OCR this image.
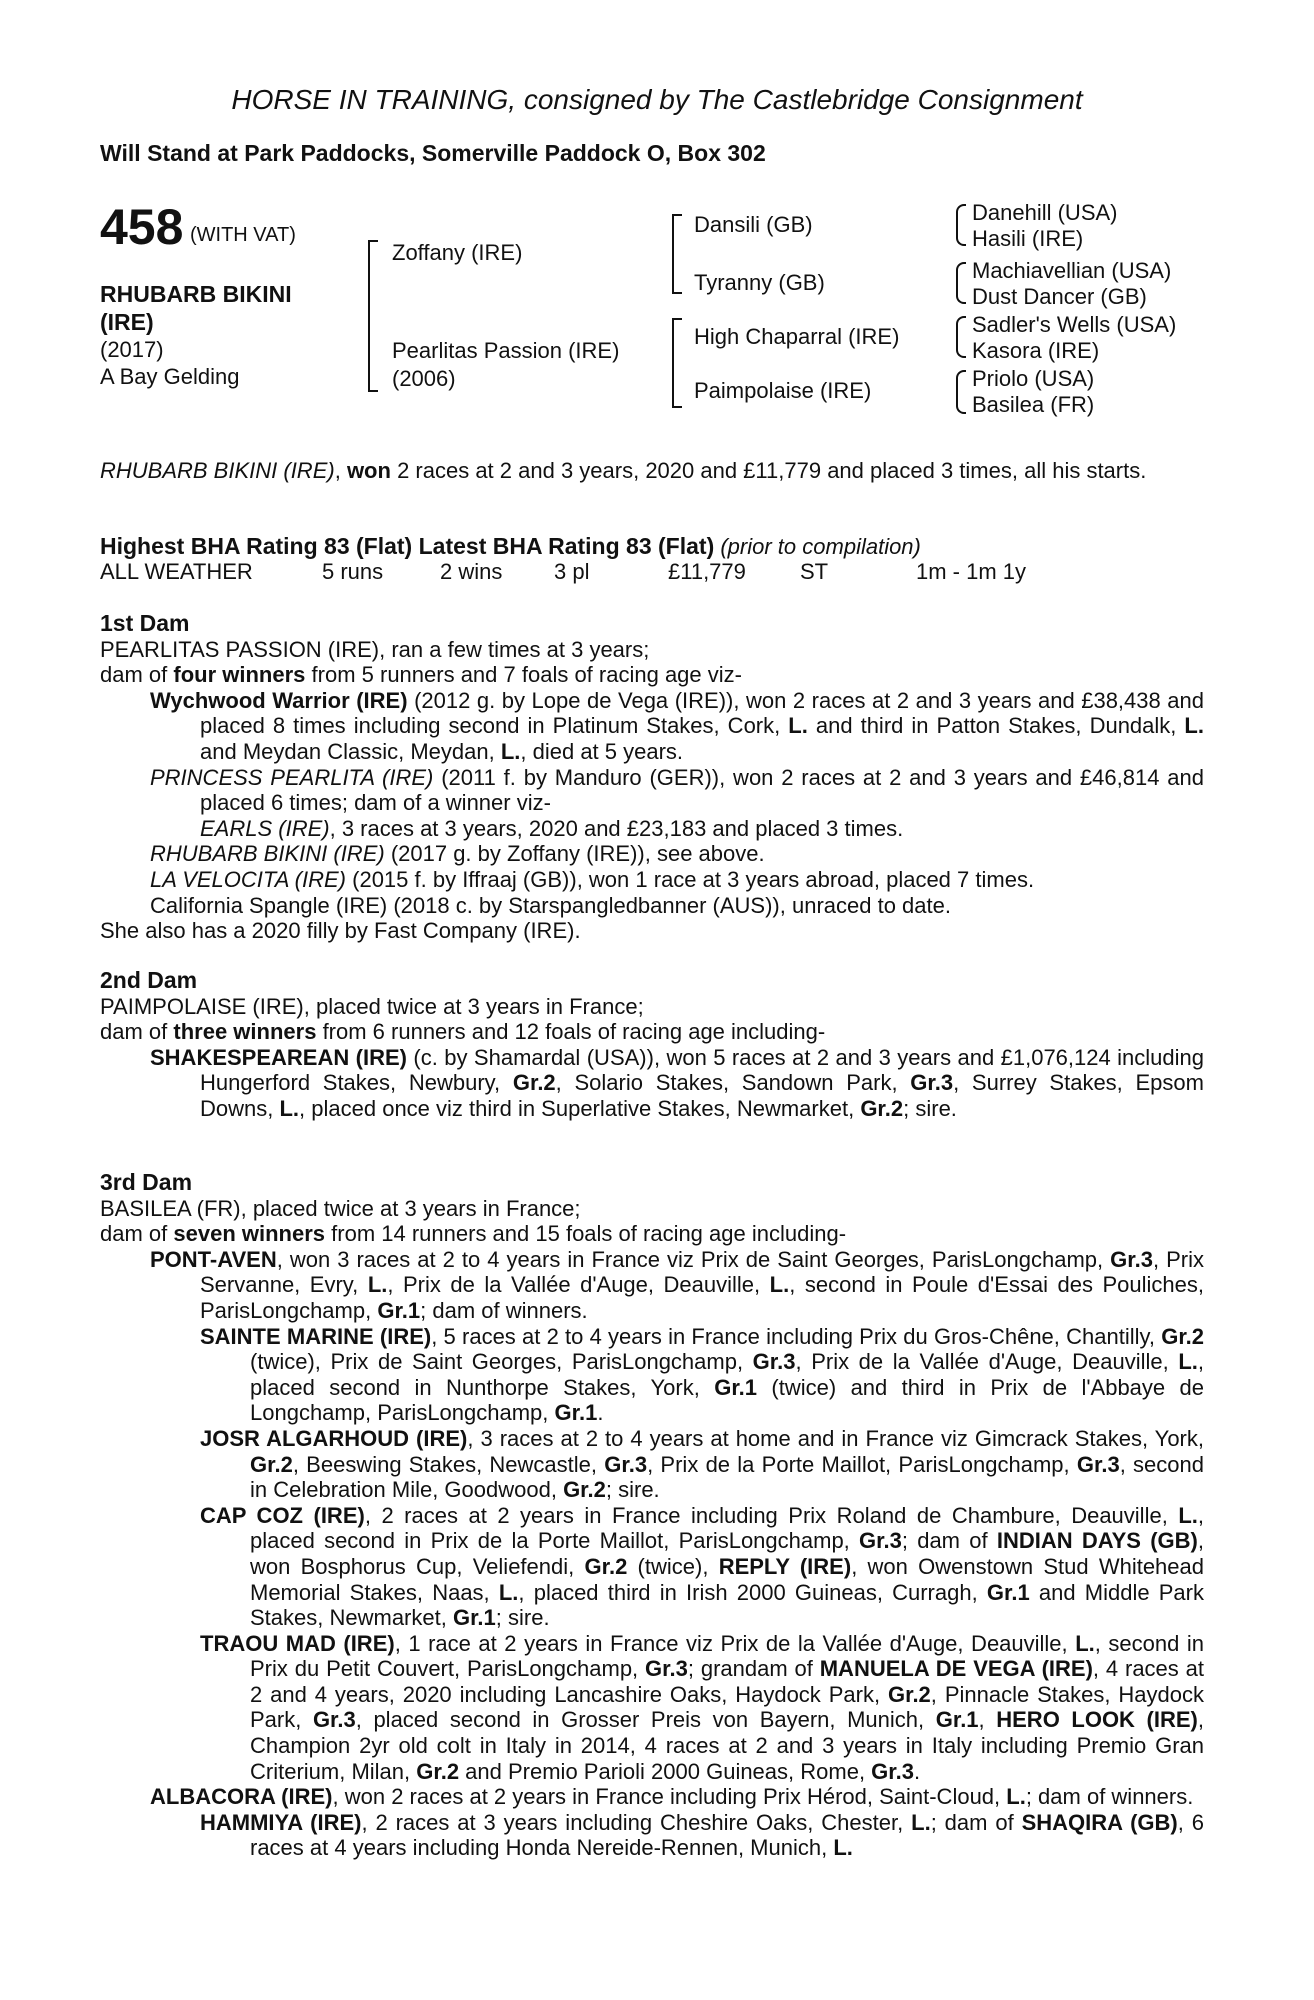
HORSE IN TRAINING, consigned by The Castlebridge Consignment
Will Stand at Park Paddocks, Somerville Paddock O, Box 302
458 (WITH VAT)
RHUBARB BIKINI
(IRE)
(2017)
A Bay Gelding
Zoffany (IRE)
Pearlitas Passion (IRE)
(2006)
Dansili (GB)
Tyranny (GB)
High Chaparral (IRE)
Paimpolaise (IRE)
Danehill (USA)
Hasili (IRE)
Machiavellian (USA)
Dust Dancer (GB)
Sadler's Wells (USA)
Kasora (IRE)
Priolo (USA)
Basilea (FR)

RHUBARB BIKINI (IRE), won 2 races at 2 and 3 years, 2020 and £11,779 and placed 3 times, all his starts.

Highest BHA Rating 83 (Flat) Latest BHA Rating 83 (Flat) (prior to compilation)

ALL WEATHER	5 runs	2 wins 3 pl	£11,779 ST	1m - 1m 1y

1st Dam

PEARLITAS PASSION (IRE), ran a few times at 3 years;

dam of four winners from 5 runners and 7 foals of racing age viz-

Wychwood Warrior (IRE) (2012 g. by Lope de Vega (IRE)), won 2 races at 2 and 3 years and £38,438 and placed 8 times including second in Platinum Stakes, Cork, L. and third in Patton Stakes, Dundalk, L. and Meydan Classic, Meydan, L., died at 5 years.

PRINCESS PEARLITA (IRE) (2011 f. by Manduro (GER)), won 2 races at 2 and 3 years and £46,814 and placed 6 times; dam of a winner viz-

EARLS (IRE), 3 races at 3 years, 2020 and £23,183 and placed 3 times.

RHUBARB BIKINI (IRE) (2017 g. by Zoffany (IRE)), see above.

LA VELOCITA (IRE) (2015 f. by Iffraaj (GB)), won 1 race at 3 years abroad, placed 7 times.

California Spangle (IRE) (2018 c. by Starspangledbanner (AUS)), unraced to date.

She also has a 2020 filly by Fast Company (IRE).

2nd Dam

PAIMPOLAISE (IRE), placed twice at 3 years in France;

dam of three winners from 6 runners and 12 foals of racing age including-

SHAKESPEAREAN (IRE) (c. by Shamardal (USA)), won 5 races at 2 and 3 years and £1,076,124 including Hungerford Stakes, Newbury, Gr.2, Solario Stakes, Sandown Park, Gr.3, Surrey Stakes, Epsom Downs, L., placed once viz third in Superlative Stakes, Newmarket, Gr.2; sire.

3rd Dam

BASILEA (FR), placed twice at 3 years in France;

dam of seven winners from 14 runners and 15 foals of racing age including-

PONT-AVEN, won 3 races at 2 to 4 years in France viz Prix de Saint Georges, ParisLongchamp, Gr.3, Prix Servanne, Evry, L., Prix de la Vallée d'Auge, Deauville, L., second in Poule d'Essai des Pouliches, ParisLongchamp, Gr.1; dam of winners.

SAINTE MARINE (IRE), 5 races at 2 to 4 years in France including Prix du Gros-Chêne, Chantilly, Gr.2 (twice), Prix de Saint Georges, ParisLongchamp, Gr.3, Prix de la Vallée d'Auge, Deauville, L., placed second in Nunthorpe Stakes, York, Gr.1 (twice) and third in Prix de l'Abbaye de Longchamp, ParisLongchamp, Gr.1.

JOSR ALGARHOUD (IRE), 3 races at 2 to 4 years at home and in France viz Gimcrack Stakes, York, Gr.2, Beeswing Stakes, Newcastle, Gr.3, Prix de la Porte Maillot, ParisLongchamp, Gr.3, second in Celebration Mile, Goodwood, Gr.2; sire.

CAP COZ (IRE), 2 races at 2 years in France including Prix Roland de Chambure, Deauville, L., placed second in Prix de la Porte Maillot, ParisLongchamp, Gr.3; dam of INDIAN DAYS (GB), won Bosphorus Cup, Veliefendi, Gr.2 (twice), REPLY (IRE), won Owenstown Stud Whitehead Memorial Stakes, Naas, L., placed third in Irish 2000 Guineas, Curragh, Gr.1 and Middle Park Stakes, Newmarket, Gr.1; sire.

TRAOU MAD (IRE), 1 race at 2 years in France viz Prix de la Vallée d'Auge, Deauville, L., second in Prix du Petit Couvert, ParisLongchamp, Gr.3; grandam of MANUELA DE VEGA (IRE), 4 races at 2 and 4 years, 2020 including Lancashire Oaks, Haydock Park, Gr.2, Pinnacle Stakes, Haydock Park, Gr.3, placed second in Grosser Preis von Bayern, Munich, Gr.1, HERO LOOK (IRE), Champion 2yr old colt in Italy in 2014, 4 races at 2 and 3 years in Italy including Premio Gran Criterium, Milan, Gr.2 and Premio Parioli 2000 Guineas, Rome, Gr.3.

ALBACORA (IRE), won 2 races at 2 years in France including Prix Hérod, Saint-Cloud, L.; dam of winners.

HAMMIYA (IRE), 2 races at 3 years including Cheshire Oaks, Chester, L.; dam of SHAQIRA (GB), 6 races at 4 years including Honda Nereide-Rennen, Munich, L.
